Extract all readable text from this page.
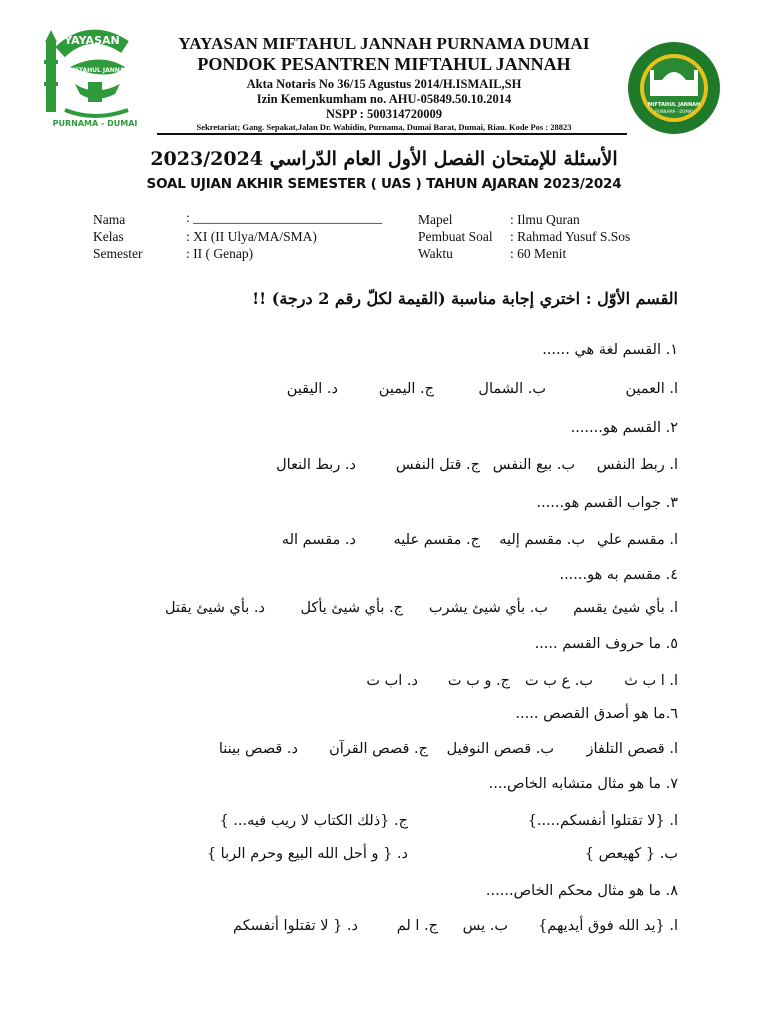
YAYASAN
MIFTAHUL JANNAH
PURNAMA - DUMAI
MIFTAHUL JANNAH
PURNAMA - DUMAI
YAYASAN MIFTAHUL JANNAH PURNAMA DUMAI
PONDOK PESANTREN MIFTAHUL JANNAH
Akta Notaris No 36/15 Agustus 2014/H.ISMAIL,SH
Izin Kemenkumham no. AHU-05849.50.10.2014
NSPP : 500314720009
Sekretariat; Gang. Sepakat,Jalan Dr. Wahidin, Purnama, Dumai Barat, Dumai, Riau. Kode Pos : 28823
الأسئلة للإمتحان الفصل الأول العام الدّراسي 2023/2024
SOAL UJIAN AKHIR SEMESTER ( UAS ) TAHUN AJARAN 2023/2024
Nama	: ____________________________
Kelas	: XI (II Ulya/MA/SMA)
Semester	: II ( Genap)
Mapel	: Ilmu Quran
Pembuat Soal : Rahmad Yusuf S.Sos
Waktu	: 60 Menit
القسم الأوّل : اختري إجابة مناسبة (القيمة لكلّ رقم 2 درجة) !!
١. القسم لغة هي ......
ا. العمين
ب. الشمال
ج. اليمين
د. اليقين
٢. القسم هو.......
ا. ربط النفس
ب. بيع النفس
ج. قتل النفس
د. ربط النعال
٣. جواب القسم هو......
ا. مقسم علي
ب. مقسم إليه
ج. مقسم عليه
د. مقسم اله
٤. مقسم به هو......
ا. بأي شيئ يقسم
ب. بأي شيئ يشرب
ج. بأي شيئ يأكل
د. بأي شيئ يقتل
٥. ما حروف القسم .....
ا. ا ب ث
ب. ع ب ت
ج. و ب ت
د. اب ت
٦.ما هو أصدق القصص .....
ا. قصص التلفاز
ب. قصص النوفيل
ج. قصص القرآن
د. قصص بيننا
٧. ما هو مثال متشابه الخاص....
ا. {لا تقتلوا أنفسكم.....}
ج. {ذلك الكتاب لا ريب فيه... }
ب. { كهيعص }
د. { و أحل الله البيع وحرم الربا }
٨. ما هو مثال محكم الخاص......
ا. {يد الله فوق أيديهم}
ب. يس
ج. ا لم
د. { لا تقتلوا أنفسكم
